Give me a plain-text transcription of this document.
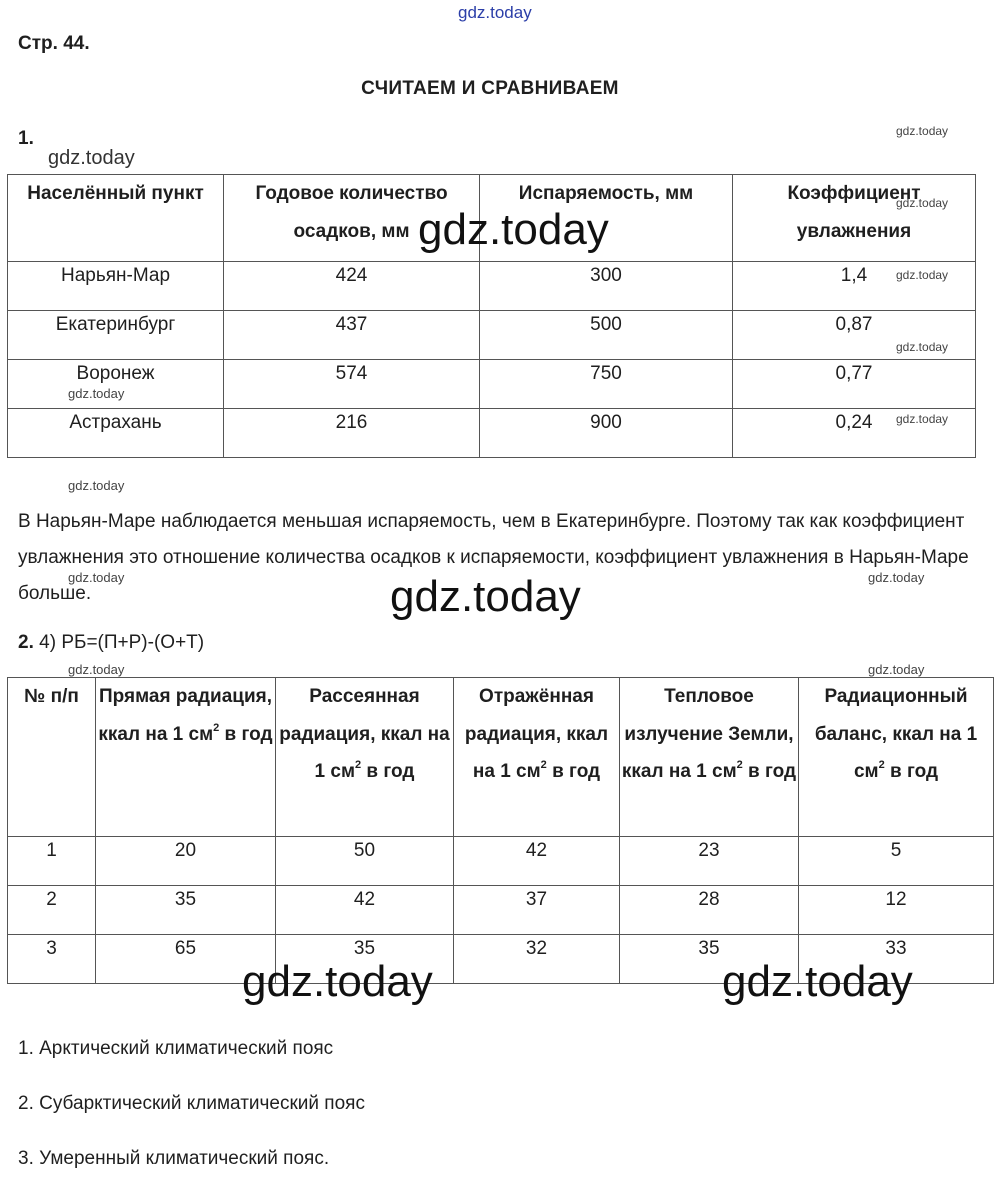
gdz.today
Стр. 44.
СЧИТАЕМ И СРАВНИВАЕМ
1.
Населённый пункт	Годовое количество осадков, мм	Испаряемость, мм	Коэффициент увлажнения
Нарьян-Мар	424	300	1,4
Екатеринбург	437	500	0,87
Воронеж	574	750	0,77
Астрахань	216	900	0,24
В Нарьян-Маре наблюдается меньшая испаряемость, чем в Екатеринбурге. Поэтому так как коэффициент увлажнения это отношение количества осадков к испаряемости, коэффициент увлажнения в Нарьян-Маре больше.
2. 4) РБ=(П+Р)-(О+Т)
№ п/п	Прямая радиация, ккал на 1 $см^2$ в год	Рассеянная радиация, ккал на 1 $см^2$ в год	Отражённая радиация, ккал на 1 $см^2$ в год	Тепловое излучение Земли, ккал на 1 $см^2$ в год	Радиационный баланс, ккал на 1 $см^2$ в год
1	20	50	42	23	5
2	35	42	37	28	12
3	65	35	32	35	33
1. Арктический климатический пояс
2. Субарктический климатический пояс
3. Умеренный климатический пояс.
gdz.today
gdz.today
gdz.today
gdz.today
gdz.today
gdz.today
gdz.today
gdz.today
gdz.today
gdz.today	gdz.today
gdz.today
gdz.today	gdz.today
gdz.today	gdz.today
